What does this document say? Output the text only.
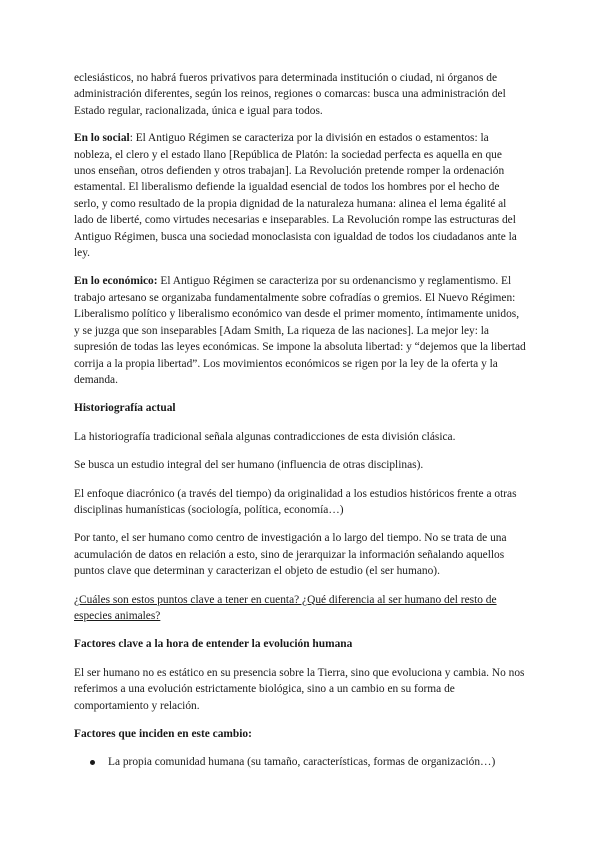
eclesiásticos, no habrá fueros privativos para determinada institución o ciudad, ni órganos de administración diferentes, según los reinos, regiones o comarcas: busca una administración del Estado regular, racionalizada, única e igual para todos.

En lo social: El Antiguo Régimen se caracteriza por la división en estados o estamentos: la nobleza, el clero y el estado llano [República de Platón: la sociedad perfecta es aquella en que unos enseñan, otros defienden y otros trabajan]. La Revolución pretende romper la ordenación estamental. El liberalismo defiende la igualdad esencial de todos los hombres por el hecho de serlo, y como resultado de la propia dignidad de la naturaleza humana: alinea el lema égalité al lado de liberté, como virtudes necesarias e inseparables. La Revolución rompe las estructuras del Antiguo Régimen, busca una sociedad monoclasista con igualdad de todos los ciudadanos ante la ley.

En lo económico: El Antiguo Régimen se caracteriza por su ordenancismo y reglamentismo. El trabajo artesano se organizaba fundamentalmente sobre cofradías o gremios. El Nuevo Régimen: Liberalismo político y liberalismo económico van desde el primer momento, íntimamente unidos, y se juzga que son inseparables [Adam Smith, La riqueza de las naciones]. La mejor ley: la supresión de todas las leyes económicas. Se impone la absoluta libertad: y “dejemos que la libertad corrija a la propia libertad”. Los movimientos económicos se rigen por la ley de la oferta y la demanda.

Historiografía actual

La historiografía tradicional señala algunas contradicciones de esta división clásica.

Se busca un estudio integral del ser humano (influencia de otras disciplinas).

El enfoque diacrónico (a través del tiempo) da originalidad a los estudios históricos frente a otras disciplinas humanísticas (sociología, política, economía…)

Por tanto, el ser humano como centro de investigación a lo largo del tiempo. No se trata de una acumulación de datos en relación a esto, sino de jerarquizar la información señalando aquellos puntos clave que determinan y caracterizan el objeto de estudio (el ser humano).

¿Cuáles son estos puntos clave a tener en cuenta? ¿Qué diferencia al ser humano del resto de especies animales?

Factores clave a la hora de entender la evolución humana

El ser humano no es estático en su presencia sobre la Tierra, sino que evoluciona y cambia. No nos referimos a una evolución estrictamente biológica, sino a un cambio en su forma de comportamiento y relación.

Factores que inciden en este cambio:

La propia comunidad humana (su tamaño, características, formas de organización…)
